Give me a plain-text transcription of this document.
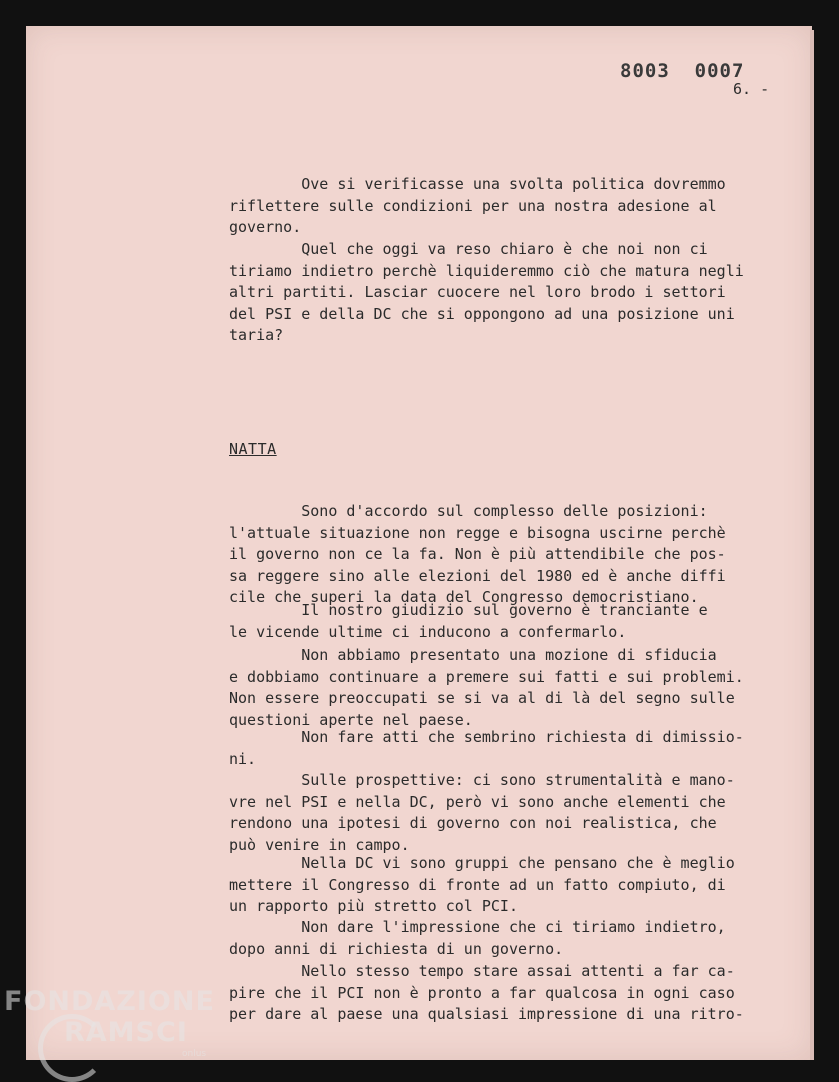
8003  0007
6. -
Ove si verificasse una svolta politica dovremmo
riflettere sulle condizioni per una nostra adesione al
governo.
Quel che oggi va reso chiaro è che noi non ci
tiriamo indietro perchè liquideremmo ciò che matura negli
altri partiti. Lasciar cuocere nel loro brodo i settori
del PSI e della DC che si oppongono ad una posizione uni
taria?
NATTA
Sono d'accordo sul complesso delle posizioni:
l'attuale situazione non regge e bisogna uscirne perchè
il governo non ce la fa. Non è più attendibile che pos-
sa reggere sino alle elezioni del 1980 ed è anche diffi
cile che superi la data del Congresso democristiano.
Il nostro giudizio sul governo è tranciante e
le vicende ultime ci inducono a confermarlo.
Non abbiamo presentato una mozione di sfiducia
e dobbiamo continuare a premere sui fatti e sui problemi.
Non essere preoccupati se si va al di là del segno sulle
questioni aperte nel paese.
Non fare atti che sembrino richiesta di dimissio-
ni.
Sulle prospettive: ci sono strumentalità e mano-
vre nel PSI e nella DC, però vi sono anche elementi che
rendono una ipotesi di governo con noi realistica, che
può venire in campo.
Nella DC vi sono gruppi che pensano che è meglio
mettere il Congresso di fronte ad un fatto compiuto, di
un rapporto più stretto col PCI.
Non dare l'impressione che ci tiriamo indietro,
dopo anni di richiesta di un governo.
Nello stesso tempo stare assai attenti a far ca-
pire che il PCI non è pronto a far qualcosa in ogni caso
per dare al paese una qualsiasi impressione di una ritro-
FONDAZIONE
RAMSCI
onlus
